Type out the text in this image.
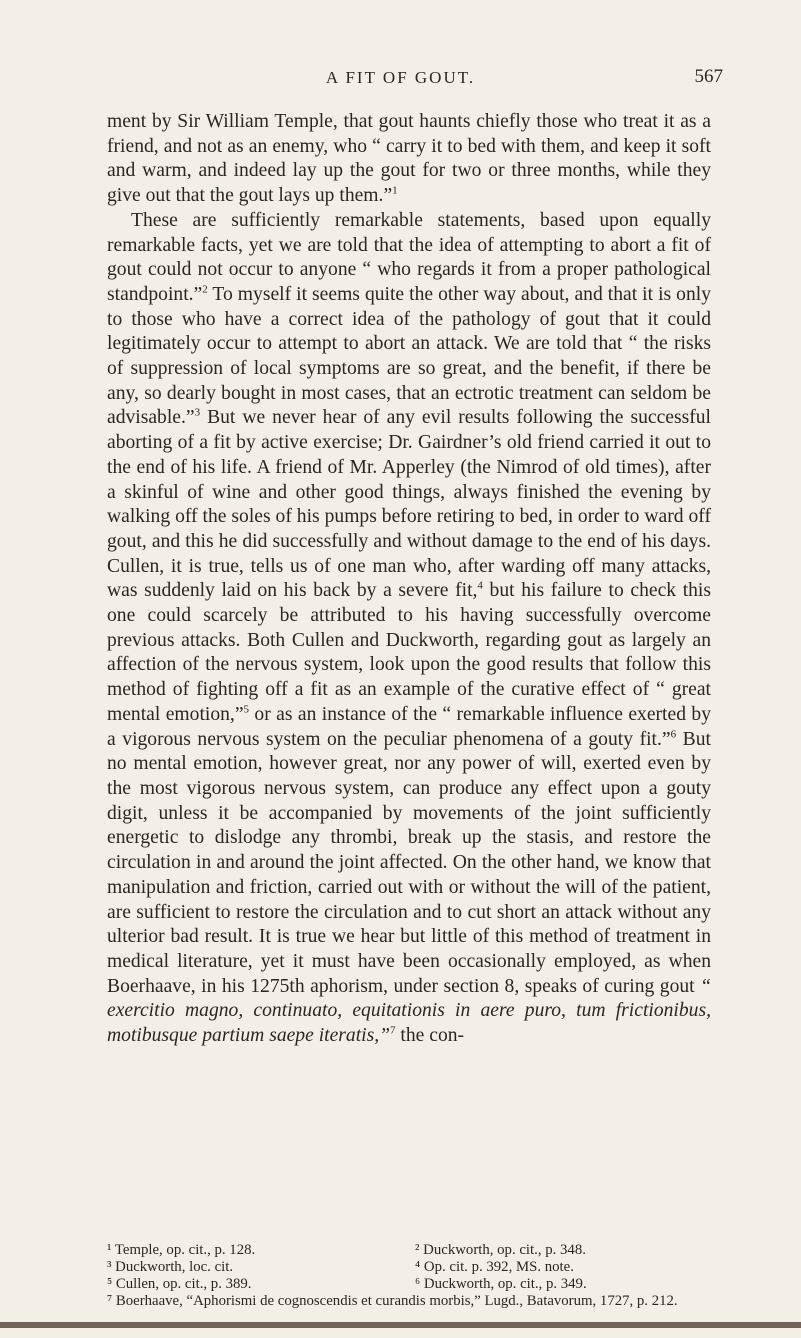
A FIT OF GOUT.	567

ment by Sir William Temple, that gout haunts chiefly those who treat it as a friend, and not as an enemy, who “ carry it to bed with them, and keep it soft and warm, and indeed lay up the gout for two or three months, while they give out that the gout lays up them.”$^1$

These are sufficiently remarkable statements, based upon equally remarkable facts, yet we are told that the idea of attempting to abort a fit of gout could not occur to anyone “ who regards it from a proper pathological standpoint.”$^2$ To myself it seems quite the other way about, and that it is only to those who have a correct idea of the pathology of gout that it could legitimately occur to attempt to abort an attack. We are told that “ the risks of suppression of local symptoms are so great, and the benefit, if there be any, so dearly bought in most cases, that an ectrotic treatment can seldom be advisable.”$^3$ But we never hear of any evil results following the successful aborting of a fit by active exercise; Dr. Gairdner’s old friend carried it out to the end of his life. A friend of Mr. Apperley (the Nimrod of old times), after a skinful of wine and other good things, always finished the evening by walking off the soles of his pumps before retiring to bed, in order to ward off gout, and this he did successfully and without damage to the end of his days. Cullen, it is true, tells us of one man who, after warding off many attacks, was suddenly laid on his back by a severe fit,$^4$ but his failure to check this one could scarcely be attributed to his having successfully overcome previous attacks. Both Cullen and Duckworth, regarding gout as largely an affection of the nervous system, look upon the good results that follow this method of fighting off a fit as an example of the curative effect of “ great mental emotion,”$^5$ or as an instance of the “ remarkable influence exerted by a vigorous nervous system on the peculiar phenomena of a gouty fit.”$^6$ But no mental emotion, however great, nor any power of will, exerted even by the most vigorous nervous system, can produce any effect upon a gouty digit, unless it be accompanied by movements of the joint sufficiently energetic to dislodge any thrombi, break up the stasis, and restore the circulation in and around the joint affected. On the other hand, we know that manipulation and friction, carried out with or without the will of the patient, are sufficient to restore the circulation and to cut short an attack without any ulterior bad result. It is true we hear but little of this method of treatment in medical literature, yet it must have been occasionally employed, as when Boerhaave, in his 1275th aphorism, under section 8, speaks of curing gout “ exercitio magno, continuato, equitationis in aere puro, tum frictionibus, motibusque partium saepe iteratis,”$^7$ the con-

¹ Temple, op. cit., p. 128.	² Duckworth, op. cit., p. 348.
³ Duckworth, loc. cit.	⁴ Op. cit. p. 392, MS. note.
⁵ Cullen, op. cit., p. 389.	⁶ Duckworth, op. cit., p. 349.
⁷ Boerhaave, “Aphorismi de cognoscendis et curandis morbis,” Lugd., Batavorum, 1727, p. 212.
